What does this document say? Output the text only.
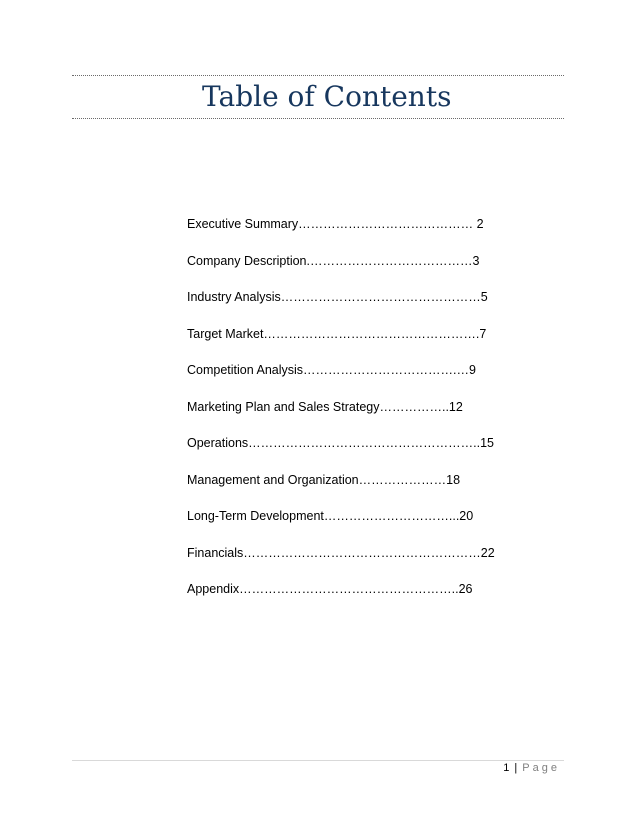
Table of Contents
Executive Summary…………………………………… 2
Company Description.…………………………………3
Industry Analysis…………………………………………5
Target Market…………………………………………….7
Competition Analysis……………………………….…9
Marketing Plan and Sales Strategy……………..12
Operations………………………………………………..15
Management and Organization…………………18
Long-Term Development…………………………...20
Financials…………………………………………………22
Appendix……………………………………………..26
1 | Page
